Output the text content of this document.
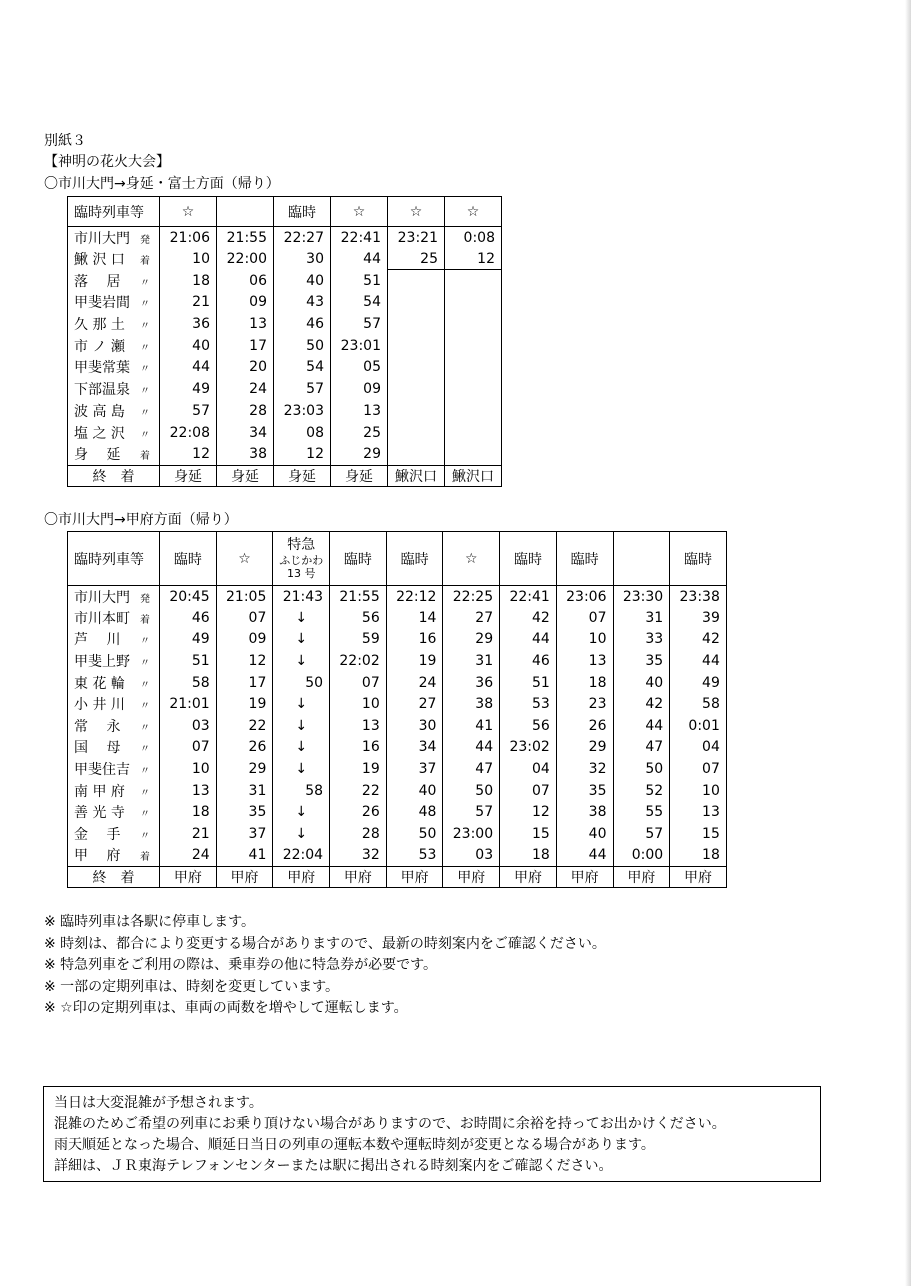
別紙３
【神明の花火大会】
〇市川大門→身延・富士方面（帰り）
臨時列車等	☆		臨時	☆	☆	☆
市川大門 発	21:06	21:55	22:27	22:41	23:21	0:08
鰍 沢 口 着	10	22:00	30	44	25	12
落　 居 〃	18	06	40	51		
甲斐岩間 〃	21	09	43	54		
久 那 土 〃	36	13	46	57		
市 ノ 瀬 〃	40	17	50	23:01		
甲斐常葉 〃	44	20	54	05		
下部温泉 〃	49	24	57	09		
波 高 島 〃	57	28	23:03	13		
塩 之 沢 〃	22:08	34	08	25		
身　 延 着	12	38	12	29		
終　着	身延	身延	身延	身延	鰍沢口	鰍沢口
〇市川大門→甲府方面（帰り）
臨時列車等	臨時	☆	特急
ふじかわ
13 号	臨時	臨時	☆	臨時	臨時		臨時
市川大門 発	20:45	21:05	21:43	21:55	22:12	22:25	22:41	23:06	23:30	23:38
市川本町 着	46	07	↓	56	14	27	42	07	31	39
芦　 川 〃	49	09	↓	59	16	29	44	10	33	42
甲斐上野 〃	51	12	↓	22:02	19	31	46	13	35	44
東 花 輪 〃	58	17	50	07	24	36	51	18	40	49
小 井 川 〃	21:01	19	↓	10	27	38	53	23	42	58
常　 永 〃	03	22	↓	13	30	41	56	26	44	0:01
国　 母 〃	07	26	↓	16	34	44	23:02	29	47	04
甲斐住吉 〃	10	29	↓	19	37	47	04	32	50	07
南 甲 府 〃	13	31	58	22	40	50	07	35	52	10
善 光 寺 〃	18	35	↓	26	48	57	12	38	55	13
金　 手 〃	21	37	↓	28	50	23:00	15	40	57	15
甲　 府 着	24	41	22:04	32	53	03	18	44	0:00	18
終　着	甲府	甲府	甲府	甲府	甲府	甲府	甲府	甲府	甲府	甲府
※ 臨時列車は各駅に停車します。
※ 時刻は、都合により変更する場合がありますので、最新の時刻案内をご確認ください。
※ 特急列車をご利用の際は、乗車券の他に特急券が必要です。
※ 一部の定期列車は、時刻を変更しています。
※ ☆印の定期列車は、車両の両数を増やして運転します。
当日は大変混雑が予想されます。
混雑のためご希望の列車にお乗り頂けない場合がありますので、お時間に余裕を持ってお出かけください。
雨天順延となった場合、順延日当日の列車の運転本数や運転時刻が変更となる場合があります。
詳細は、ＪＲ東海テレフォンセンターまたは駅に掲出される時刻案内をご確認ください。
